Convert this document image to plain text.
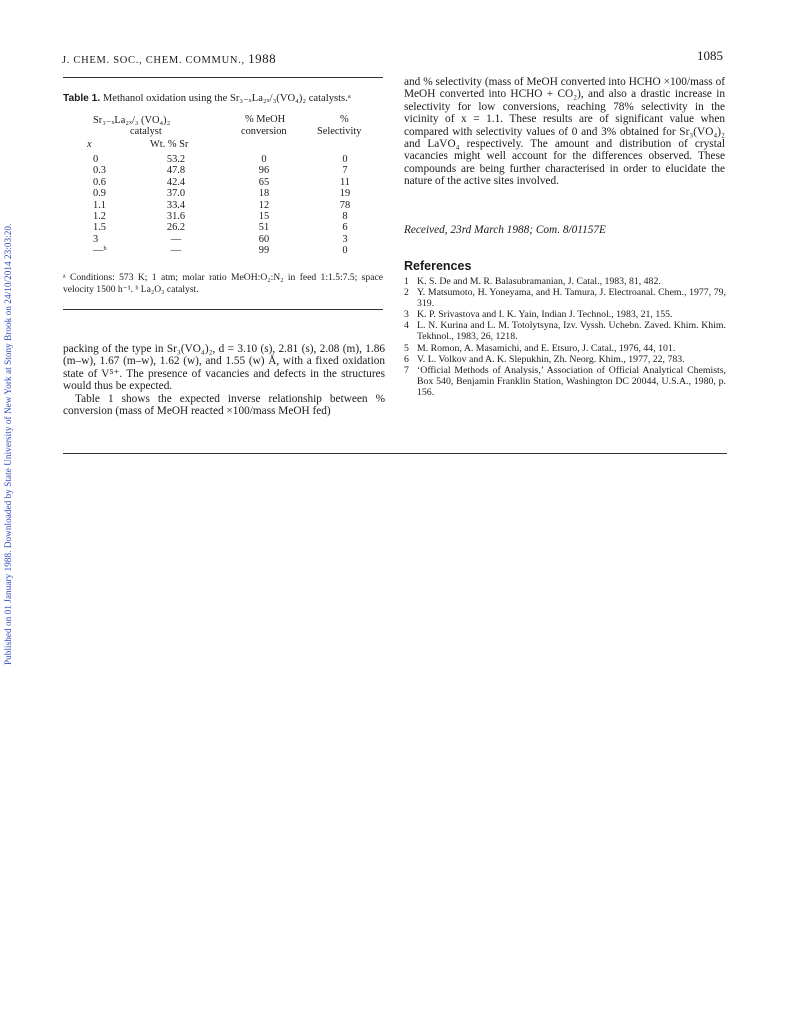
Published on 01 January 1988. Downloaded by State University of New York at Stony Brook on 24/10/2014 23:03:20.
J. CHEM. SOC., CHEM. COMMUN., 1988	1085
Table 1. Methanol oxidation using the Sr₃₋ₓLa₂ₓ/₃(VO₄)₂ catalysts.ᵃ
Sr₃₋ₓLa₂ₓ/₃ (VO₄)₂
catalyst
x	Wt. % Sr
% MeOH
conversion
%
Selectivity
0	53.2	0	0
0.3	47.8	96	7
0.6	42.4	65	11
0.9	37.0	18	19
1.1	33.4	12	78
1.2	31.6	15	8
1.5	26.2	51	6
3	—	60	3
—ᵇ	—	99	0
ᵃ Conditions: 573 K; 1 atm; molar ratio MeOH:O₂:N₂ in feed 1:1.5:7.5; space velocity 1500 h⁻¹. ᵇ La₂O₃ catalyst.

packing of the type in Sr₃(VO₄)₂, d = 3.10 (s), 2.81 (s), 2.08 (m), 1.86 (m–w), 1.67 (m–w), 1.62 (w), and 1.55 (w) Å, with a fixed oxidation state of V⁵⁺. The presence of vacancies and defects in the structures would thus be expected.

Table 1 shows the expected inverse relationship between % conversion (mass of MeOH reacted ×100/mass MeOH fed)

and % selectivity (mass of MeOH converted into HCHO ×100/mass of MeOH converted into HCHO + CO₂), and also a drastic increase in selectivity for low conversions, reaching 78% selectivity in the vicinity of x = 1.1. These results are of significant value when compared with selectivity values of 0 and 3% obtained for Sr₃(VO₄)₂ and LaVO₄ respectively. The amount and distribution of crystal vacancies might well account for the differences observed. These compounds are being further characterised in order to elucidate the nature of the active sites involved.
Received, 23rd March 1988; Com. 8/01157E
References
1 K. S. De and M. R. Balasubramanian, J. Catal., 1983, 81, 482.
2 Y. Matsumoto, H. Yoneyama, and H. Tamura, J. Electroanal. Chem., 1977, 79, 319.
3 K. P. Srivastova and I. K. Yain, Indian J. Technol., 1983, 21, 155.
4 L. N. Kurina and L. M. Totolytsyna, Izv. Vyssh. Uchebn. Zaved. Khim. Khim. Tekhnol., 1983, 26, 1218.
5 M. Romon, A. Masamichi, and E. Etsuro, J. Catal., 1976, 44, 101.
6 V. L. Volkov and A. K. Slepukhin, Zh. Neorg. Khim., 1977, 22, 783.
7 ‘Official Methods of Analysis,’ Association of Official Analytical Chemists, Box 540, Benjamin Franklin Station, Washington DC 20044, U.S.A., 1980, p. 156.
